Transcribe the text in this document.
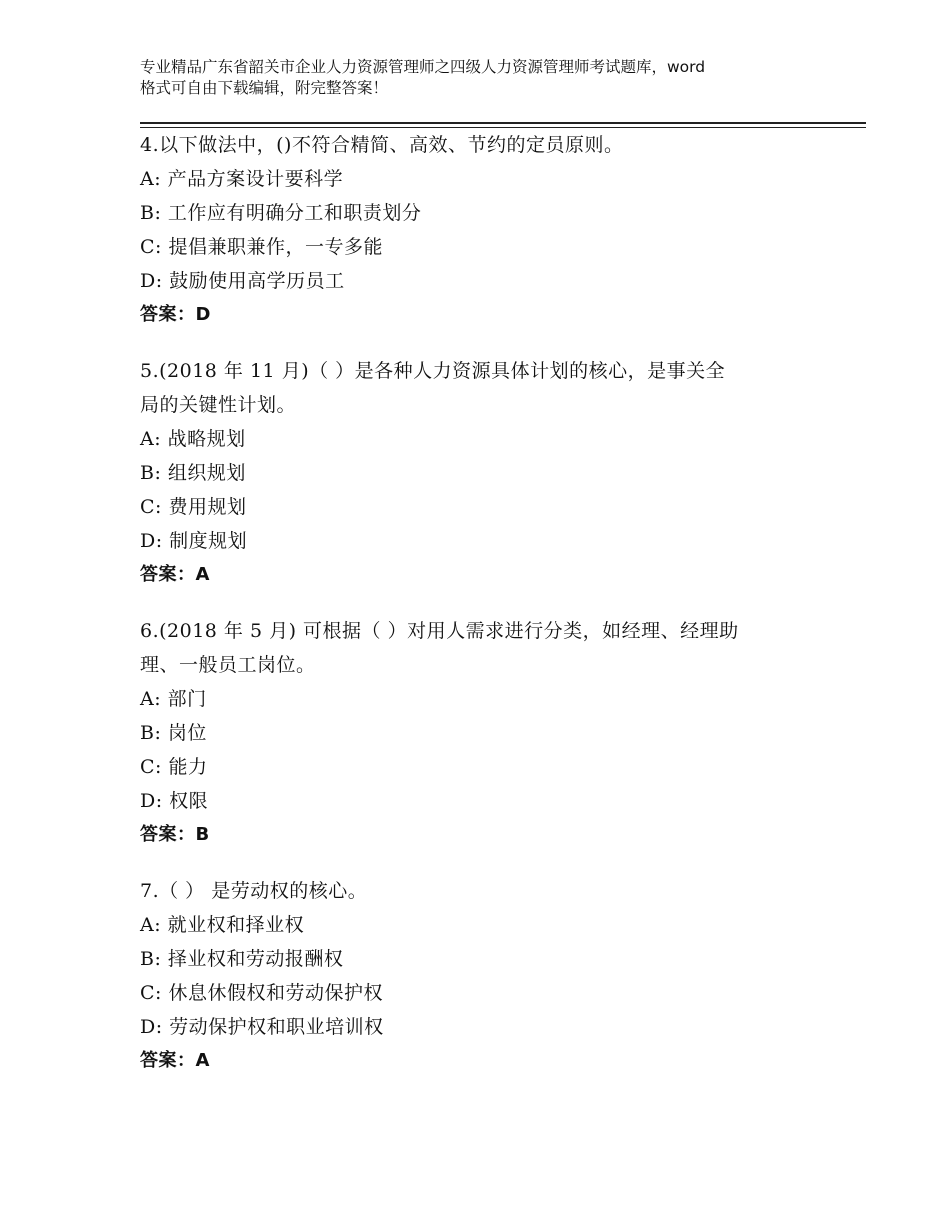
专业精品广东省韶关市企业人力资源管理师之四级人力资源管理师考试题库，word
格式可自由下载编辑，附完整答案！

4.以下做法中，()不符合精简、高效、节约的定员原则。

A: 产品方案设计要科学

B: 工作应有明确分工和职责划分

C: 提倡兼职兼作，一专多能

D: 鼓励使用高学历员工

答案：D

5.(2018 年 11 月)（ ）是各种人力资源具体计划的核心，是事关全

局的关键性计划。

A: 战略规划

B: 组织规划

C: 费用规划

D: 制度规划

答案：A

6.(2018 年 5 月) 可根据（ ）对用人需求进行分类，如经理、经理助

理、一般员工岗位。

A: 部门

B: 岗位

C: 能力

D: 权限

答案：B

7.（ ） 是劳动权的核心。

A: 就业权和择业权

B: 择业权和劳动报酬权

C: 休息休假权和劳动保护权

D: 劳动保护权和职业培训权

答案：A
